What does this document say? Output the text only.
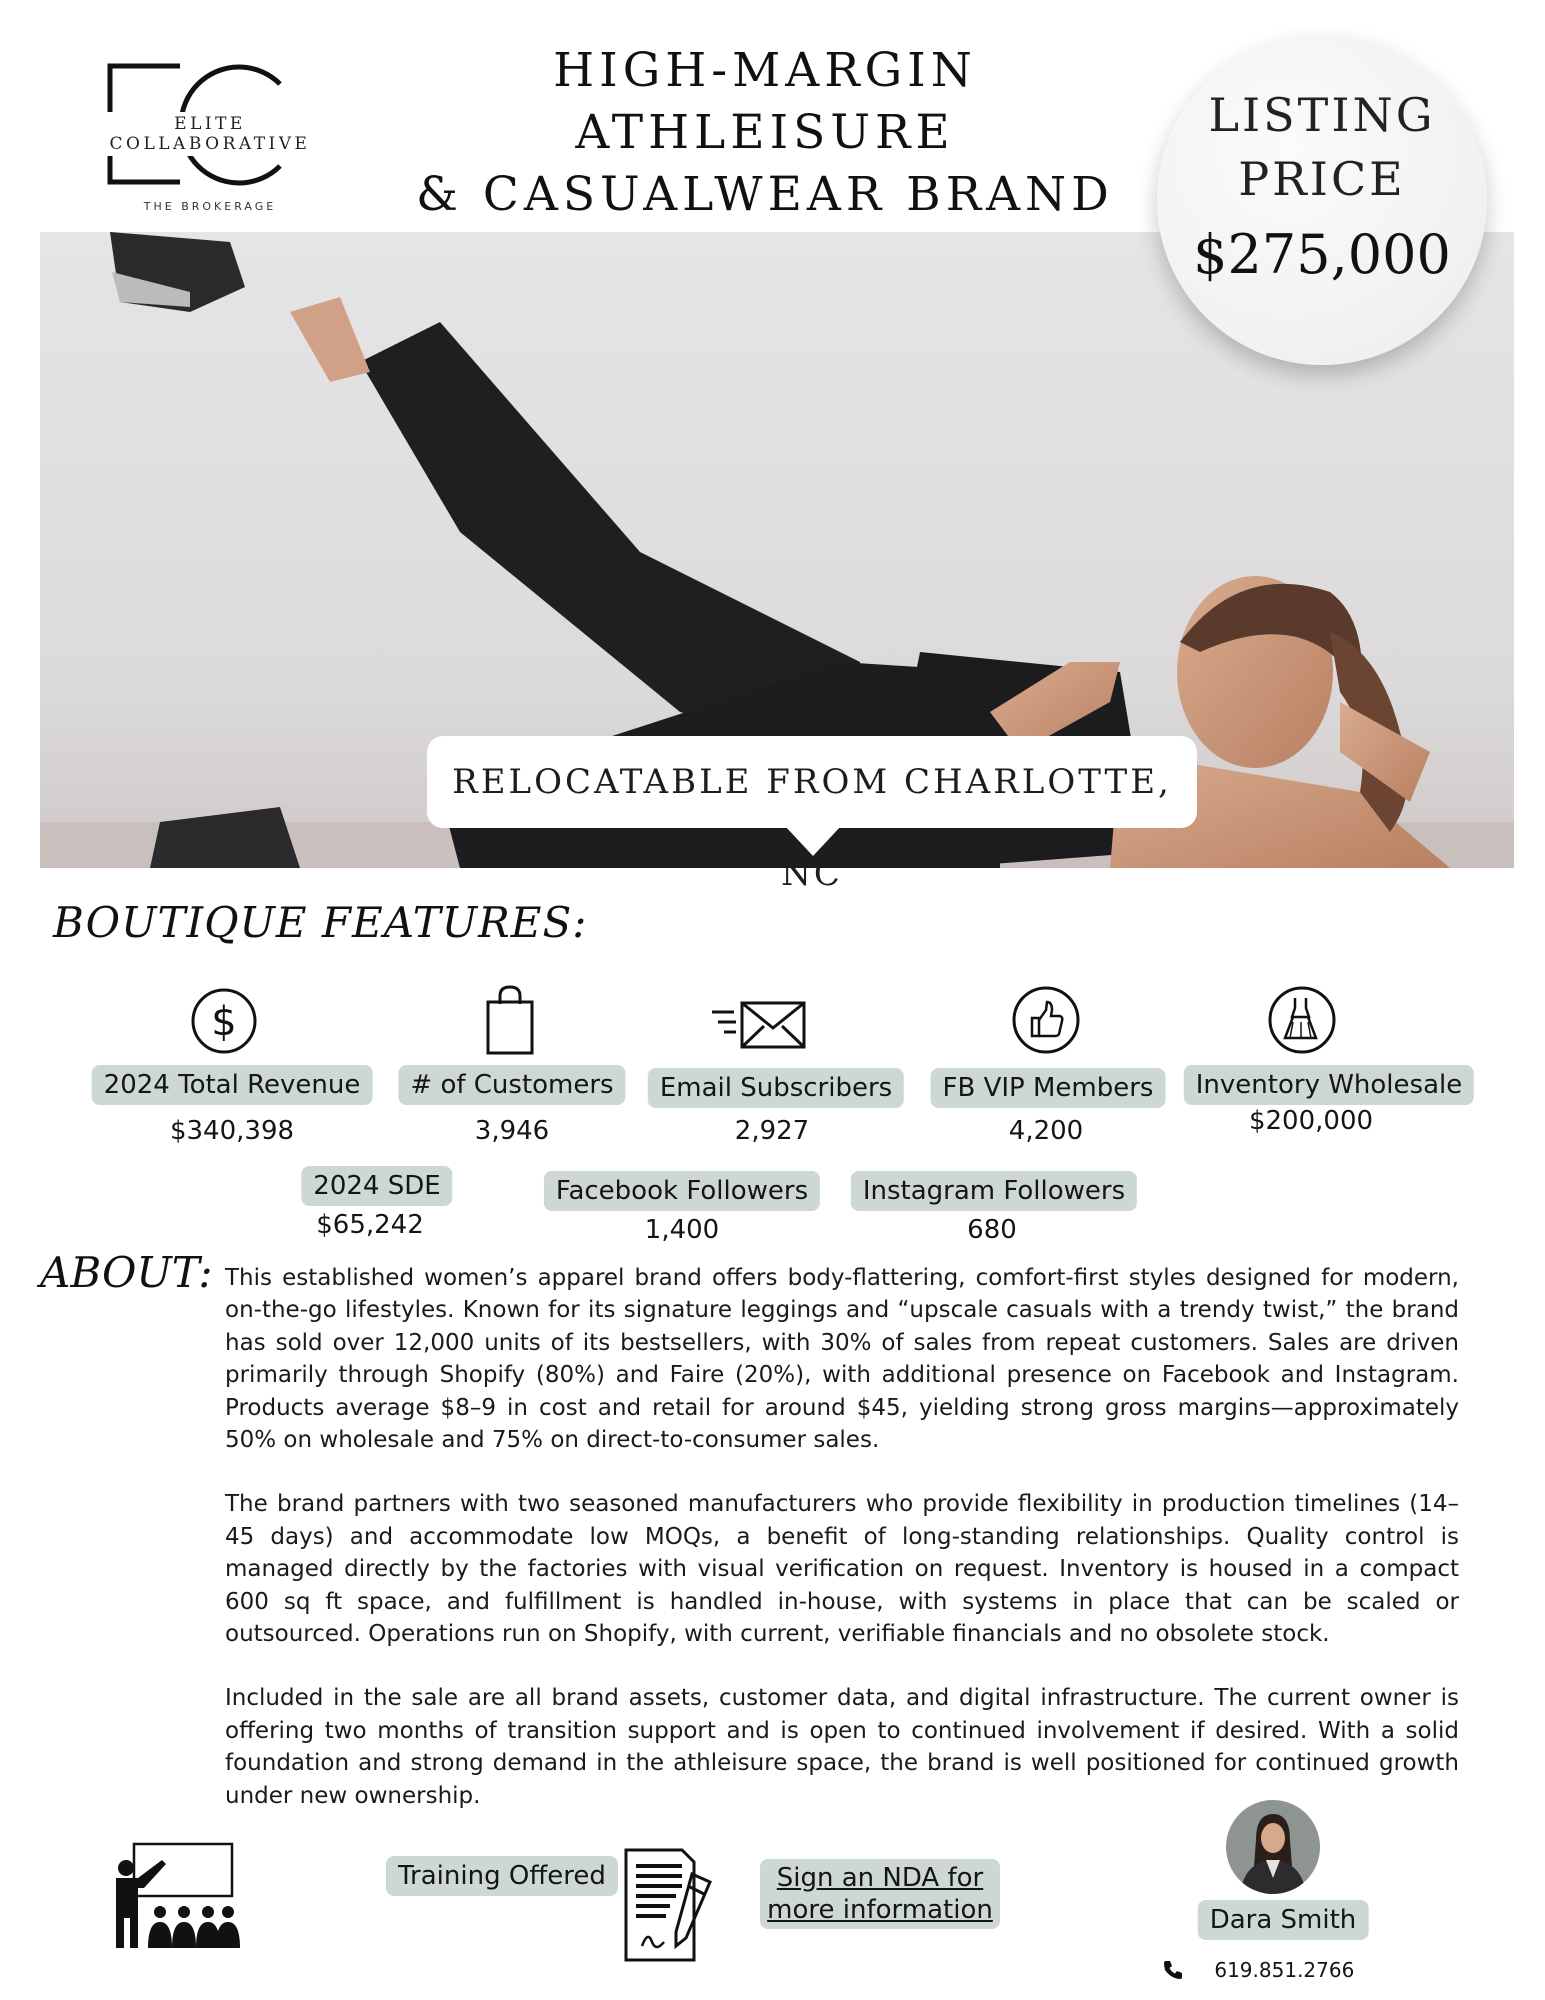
ELITE COLLABORATIVE
THE BROKERAGE
HIGH-MARGIN ATHLEISURE
& CASUALWEAR BRAND
LISTING
PRICE
$275,000
RELOCATABLE FROM CHARLOTTE, NC
BOUTIQUE FEATURES:
$
2024 Total Revenue
$340,398
# of Customers
3,946
Email Subscribers
2,927
FB VIP Members
4,200
Inventory Wholesale
$200,000
2024 SDE
$65,242
Facebook Followers
1,400
Instagram Followers
680
ABOUT: This established women’s apparel brand offers body-flattering, comfort-first styles designed for modern, on-the-go lifestyles. Known for its signature leggings and “upscale casuals with a trendy twist,” the brand has sold over 12,000 units of its bestsellers, with 30% of sales from repeat customers. Sales are driven primarily through Shopify (80%) and Faire (20%), with additional presence on Facebook and Instagram. Products average $8–9 in cost and retail for around $45, yielding strong gross margins—approximately 50% on wholesale and 75% on direct-to-consumer sales.

The brand partners with two seasoned manufacturers who provide flexibility in production timelines (14–45 days) and accommodate low MOQs, a benefit of long-standing relationships. Quality control is managed directly by the factories with visual verification on request. Inventory is housed in a compact 600 sq ft space, and fulfillment is handled in-house, with systems in place that can be scaled or outsourced. Operations run on Shopify, with current, verifiable financials and no obsolete stock.

Included in the sale are all brand assets, customer data, and digital infrastructure. The current owner is offering two months of transition support and is open to continued involvement if desired. With a solid foundation and strong demand in the athleisure space, the brand is well positioned for continued growth under new ownership.

Training Offered	Sign an NDA for
more information	Dara Smith
619.851.2766
